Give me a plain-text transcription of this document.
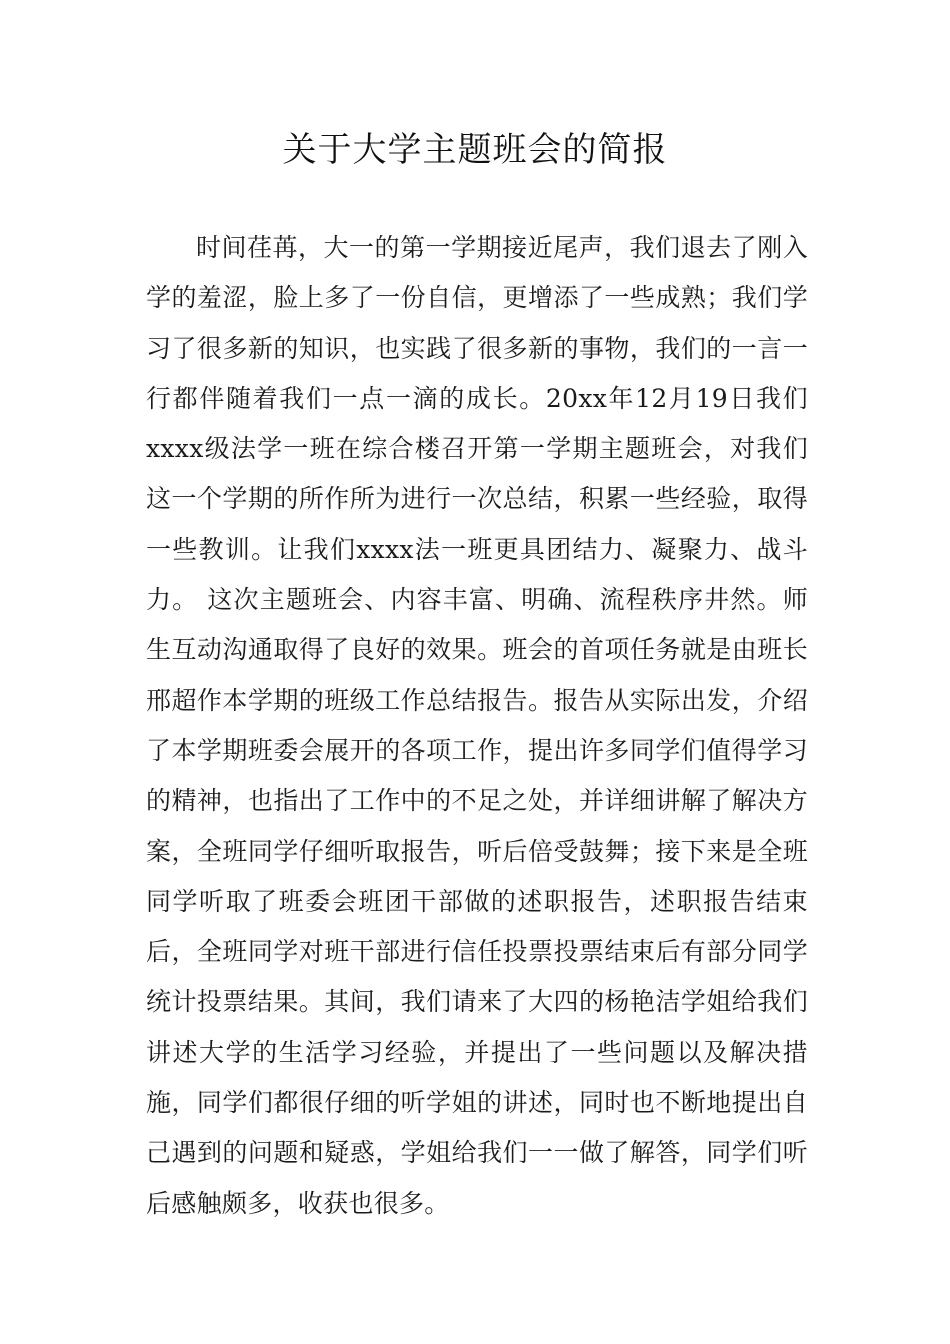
关于大学主题班会的简报

时间荏苒，大一的第一学期接近尾声，我们退去了刚入学的羞涩，脸上多了一份自信，更增添了一些成熟；我们学习了很多新的知识，也实践了很多新的事物，我们的一言一行都伴随着我们一点一滴的成长。20xx年12月19日我们xxxx级法学一班在综合楼召开第一学期主题班会，对我们这一个学期的所作所为进行一次总结，积累一些经验，取得一些教训。让我们xxxx法一班更具团结力、凝聚力、战斗力。 这次主题班会、内容丰富、明确、流程秩序井然。师生互动沟通取得了良好的效果。班会的首项任务就是由班长邢超作本学期的班级工作总结报告。报告从实际出发，介绍了本学期班委会展开的各项工作，提出许多同学们值得学习的精神，也指出了工作中的不足之处，并详细讲解了解决方案，全班同学仔细听取报告，听后倍受鼓舞；接下来是全班同学听取了班委会班团干部做的述职报告，述职报告结束后，全班同学对班干部进行信任投票投票结束后有部分同学统计投票结果。其间，我们请来了大四的杨艳洁学姐给我们讲述大学的生活学习经验，并提出了一些问题以及解决措施，同学们都很仔细的听学姐的讲述，同时也不断地提出自己遇到的问题和疑惑，学姐给我们一一做了解答，同学们听后感触颇多，收获也很多。
